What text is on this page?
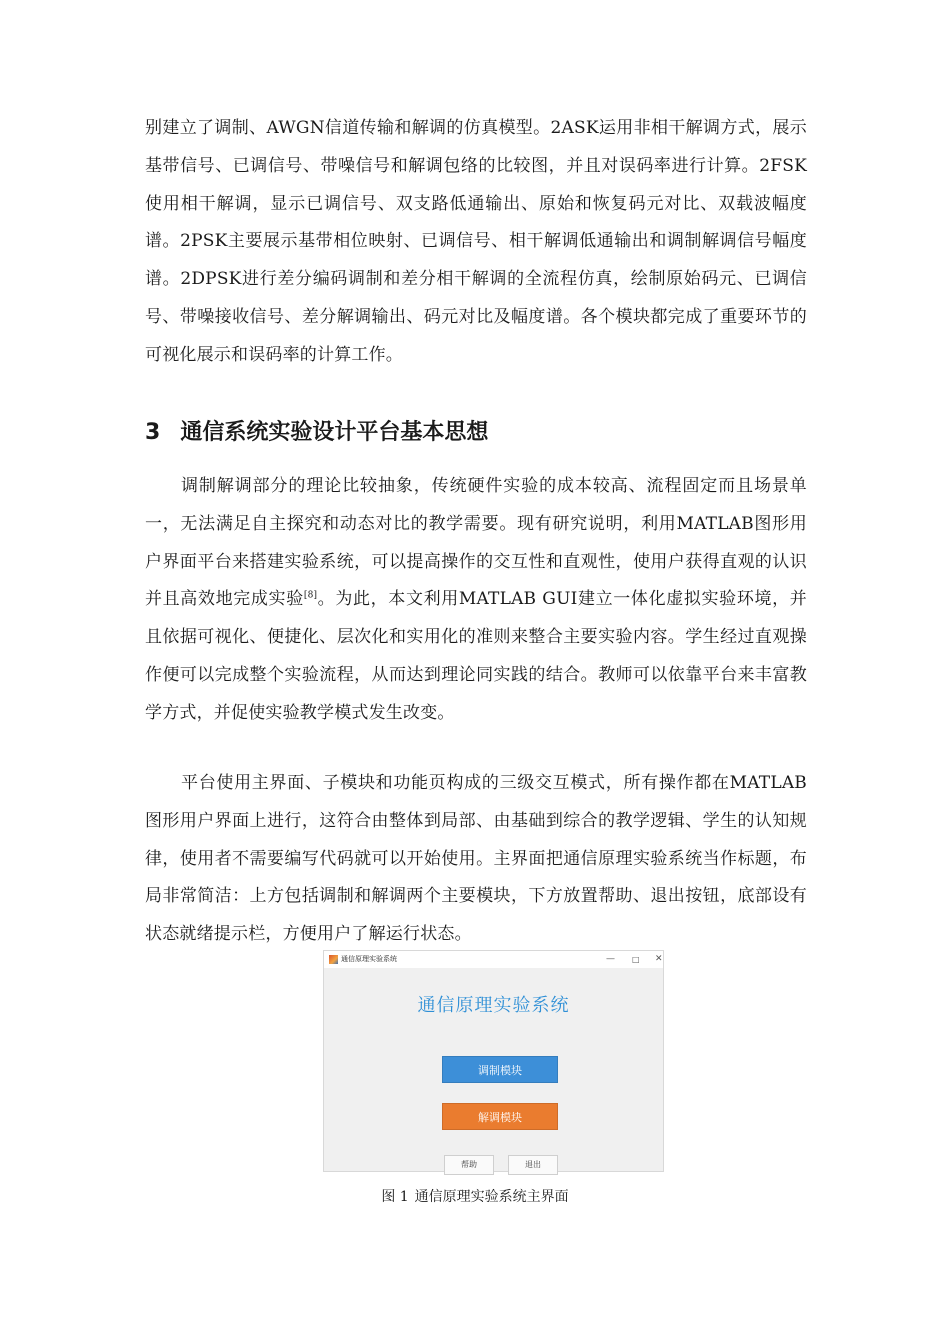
别建立了调制、AWGN信道传输和解调的仿真模型。2ASK运用非相干解调方式，展示基带信号、已调信号、带噪信号和解调包络的比较图，并且对误码率进行计算。2FSK使用相干解调，显示已调信号、双支路低通输出、原始和恢复码元对比、双载波幅度谱。2PSK主要展示基带相位映射、已调信号、相干解调低通输出和调制解调信号幅度谱。2DPSK进行差分编码调制和差分相干解调的全流程仿真，绘制原始码元、已调信号、带噪接收信号、差分解调输出、码元对比及幅度谱。各个模块都完成了重要环节的可视化展示和误码率的计算工作。

3 通信系统实验设计平台基本思想

调制解调部分的理论比较抽象，传统硬件实验的成本较高、流程固定而且场景单一，无法满足自主探究和动态对比的教学需要。现有研究说明，利用MATLAB图形用户界面平台来搭建实验系统，可以提高操作的交互性和直观性，使用户获得直观的认识并且高效地完成实验[8]。为此，本文利用MATLAB GUI建立一体化虚拟实验环境，并且依据可视化、便捷化、层次化和实用化的准则来整合主要实验内容。学生经过直观操作便可以完成整个实验流程，从而达到理论同实践的结合。教师可以依靠平台来丰富教学方式，并促使实验教学模式发生改变。

平台使用主界面、子模块和功能页构成的三级交互模式，所有操作都在MATLAB图形用户界面上进行，这符合由整体到局部、由基础到综合的教学逻辑、学生的认知规律，使用者不需要编写代码就可以开始使用。主界面把通信原理实验系统当作标题，布局非常简洁：上方包括调制和解调两个主要模块，下方放置帮助、退出按钮，底部设有状态就绪提示栏，方便用户了解运行状态。

通信原理实验系统	— □ ✕
通信原理实验系统
调制模块
解调模块
帮助	退出

图 1 通信原理实验系统主界面
